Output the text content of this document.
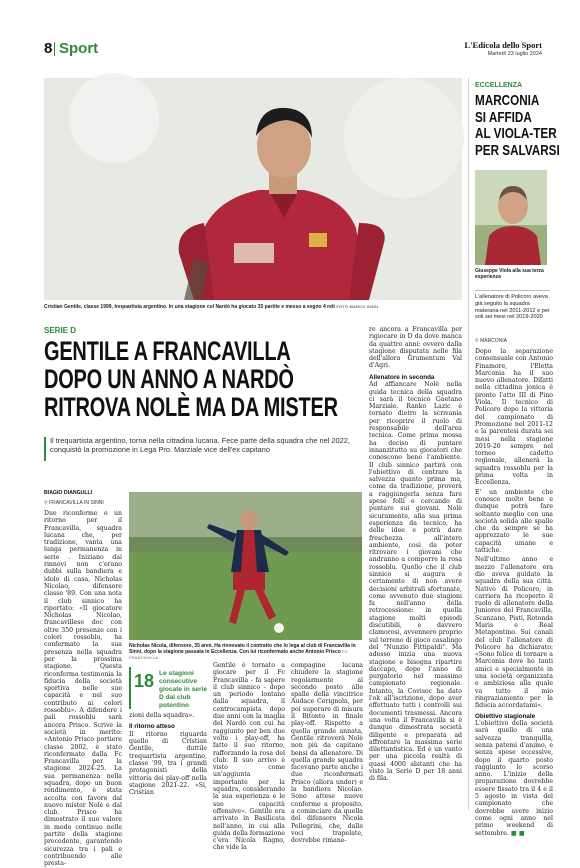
8 Sport	L'Edicola dello Sport
Martedì 23 luglio 2024
Cristian Gentile, classe 1999, trequartista argentino. In una stagione col Nardò ha giocato 35 partite e messo a segno 4 reti FOTO MARCO SISSI
SERIE D
GENTILE A FRANCAVILLA
DOPO UN ANNO A NARDÒ
RITROVA NOLÈ MA DA MISTER
Il trequartista argentino, torna nella cittadina lucana. Fece parte della squadra che nel 2022, conquistò la promozione in Lega Pro. Marziale vice dell'ex capitano
BIAGIO DIANGULLI
⚲ FRANCAVILLA IN SINNI
Due riconferme e un ritorno per il Francavilla, squadra lucana che, per tradizione, vanta una lunga permanenza in serie . Iniziano dai rinnovi non c'erano dubbi sulla bandiera e idolo di casa, Nicholas Nicolao, difensore classe '89. Con una nota il club sinnico ha riportato: «Il giocatore Nicholas Nicolao, francavillese doc con oltre 350 presenze con i colori rossoblu, ha confermato la sua presenza nella squadra per la prossima stagione. Questa riconferma testimonia la fiducia della società sportiva nelle sue capacità e nel suo contributo ai colori rossoblu». A difendere i pali rossoblu sarà ancora Prisco. Scrive la società in merito: «Antonio Prisco portiere classe 2002, è stato riconfermato dalla Fc Francavilla per la stagione 2024-25. La sua permanenza nella squadra, dopo un buon rendimento, è stata accolta con favore dal nuovo mister Nolè e dal club. Prisco ha dimostrato il suo valore in modo continuo nelle partite della stagione precedente, garantendo sicurezza tra i pali e contribuendo alle presta-
Nicholas Nicola, difensore, 35 anni. Ha rinnovato il contratto che lo lega al club di Francavilla in Sinni, dopo la stagione passata in Eccellenza. Con lui riconfermato anche Antonio Prisco FC FRANCAVILLA
18 Le stagioni consecutive giocate in serie D dal club potentino

zioni della squadra».

Il ritorno atteso

Il ritorno riguarda quello di Cristian Gentile, duttile trequartista argentino, classe '99, tra i grandi protagonisti della vittoria dei play-off nella stagione 2021-22. «Si, Cristian

Gentile è tornato a giocare per il Fc Francavilla - fa sapere il club sinnico - dopo un periodo lontano dalla squadra, il centrocampista dopo due anni con la maglia del Nardò con cui ha raggiunto per ben due volte i play-off, ha fatto il suo ritorno, rafforzando la rosa del club. Il suo arrivo è visto come un'aggiunta importante per la squadra, considerando la sua esperienza e le sue capacità offensive». Gentile era arrivato in Basilicata nell'anno, in cui alla guida della formazione c'era Nicola Ragno, che vide la
compagine lucana chiudere la stagione regolarmente al secondo posto alle spalle della vincitrice Audace Cerignola, per poi superare di misura il Bitonto in finale play-off. Rispetto a quella grande annata, Gentile ritroverà Nolè non più da capitano bensì da allenatore. Di quella grande squadra facevano parte anche i due riconfermati Prisco (allora under) e la bandiera Nicolao. Sono attese nuove conferme a proposito, a cominciare da quella del difensore Nicola Pellegrini, che, dalle voci trapelate, dovrebbe rimane-

re ancora a Francavilla per rigiocare in D da dove manca da quattro anni: ovvero dalla stagione disputata nelle fila dell'allora Grumentum Val d'Agri.

Allenatore in seconda

Ad affiancare Nolè nella guida tecnica della squadra ci sarà il tecnico Gaetano Marziale. Ranko Lazic è tornato dietro la scrivania per ricoprire il ruolo di responsabile dell'area tecnica. Come prima mossa ha deciso di puntare innanzitutto su giocatori che conoscono bene l'ambiente. Il club sinnico partirà con l'obiettivo di centrare la salvezza quanto prima ma, come da tradizione, proverà a raggiungerla senza fare spese folli e cercando di puntare sui giovani. Nolè sicuramente, alla sua prima esperienza da tecnico, ha delle idee e potrà dare freschezza all'intero ambiente, così da poter ritrovare i giovani che andranno a comporre la rosa rossoblu. Quello che il club sinnico si augura è certamente di non avere decisioni arbitrali sfortunate, come avvenuto due stagioni fa nell'anno della retrocessione: in quella stagione molti episodi discutibili, e davvero clamorosi, avvennero proprio sul terreno di gioco casalingo del "Nunzio Fittipaldi". Ma adesso inizia una nuova stagione e bisogna ripartire daccapo, dopo l'anno di purgatorio nel massimo campionato regionale. Intanto, la Covisoc ha dato l'ok all'iscrizione, dopo aver effettuato tutti i controlli sui documenti trasmessi. Ancora una volta il Francavilla si è dunque dimostrata società diligente e preparata ad affrontare la massima serie dilettantistica. Ed è un vanto per una piccola realtà di quasi 4000 abitanti che ha visto la Serie D per 18 anni di fila.

ECCELLENZA
MARCONIA
SI AFFIDA
AL VIOLA-TER
PER SALVARSI
Giuseppe Viola alla sua terza esperienza
L'allenatore di Policoro aveva già seguito la squadra materana nel 2011-2012 e per soli sei mesi nel 2019-2020
⚲ MARCONIA

Dopo la separazione consensuale con Antonio Finamore, l'Eletta Marconia ha il suo nuovo allenatore. Difatti nella cittadina jonica è pronto l'atto III di Pino Viola. Il tecnico di Policoro dopo la vittoria del campionato di Promozione nel 2011-12 e la parentesi durata sei mesi nella stagione 2019-20 sempre nel torneo cadetto regionale, allenerà la squadra rossoblu per la prima volta in Eccellenza.

E' un ambiente che conosce molto bene e dunque potrà fare soltanto meglio con una società solida alle spalle che da sempre se ha apprezzato le sue capacità umane e tattiche.

Nell'ultimo anno e mezzo l'allenatore era dio aveva guidato la squadra della sua città. Nativo di Policoro, in carriera ha ricoperto il ruolo di allenatore della Juniores del Francavilla, Scanzano, Pisti, Rotonda Maris e Real Metapontino. Sui canali del club l'allenatore di Policoro ha dichiarato: «Sono felice di tornare a Marconia dove ho tanti amici e specialmente in una società organizzata e ambiziosa alla quale va tutto il mio ringraziamento per la fiducia accordatami».

Obiettivo stagionale

L'obiettivo della società sarà quello di una salvezza tranquilla, senza patemi d'animo, e senza spese eccessive, dopo il quarto posto raggiunto lo scorso anno. L'inizio della preparazione dovrebbe essere fissato tra il 4 e il 5 agosto in vista del campionato che dovrebbe avere inizio come ogni anno nel primo weekend di settembre. ■ ■
